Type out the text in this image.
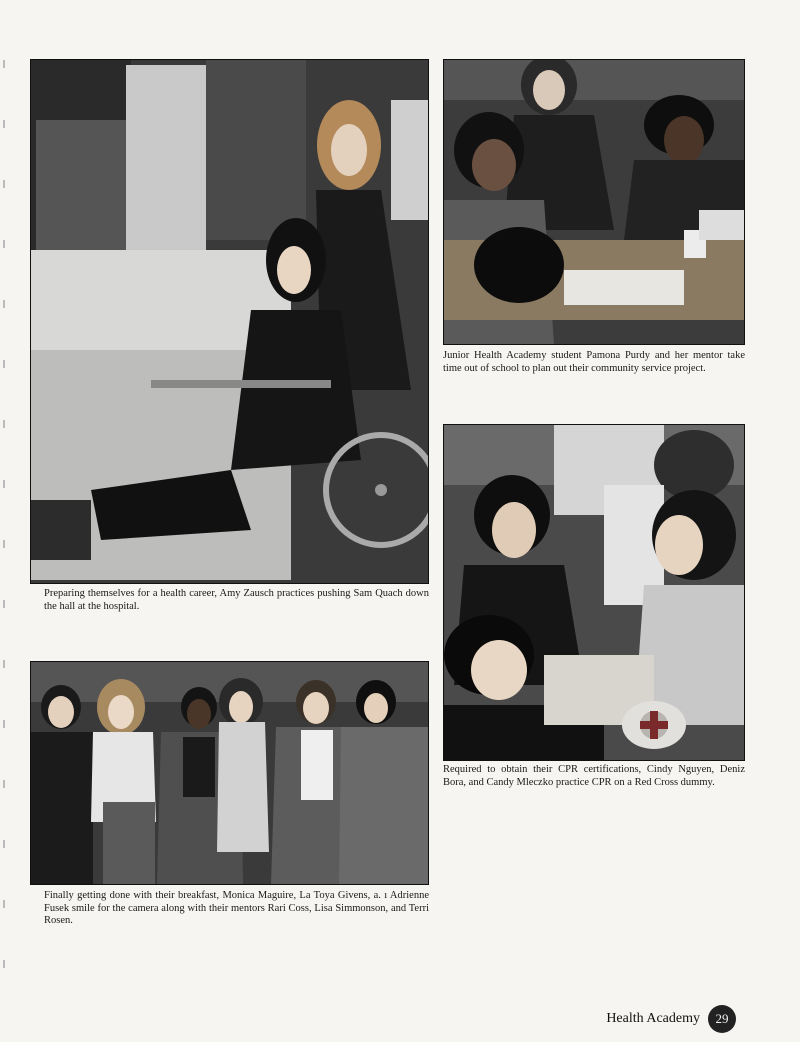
Preparing themselves for a health career, Amy Zausch practices pushing Sam Quach down the hall at the hospital.
Junior Health Academy student Pamona Purdy and her mentor take time out of school to plan out their community service project.
Required to obtain their CPR certifications, Cindy Nguyen, Deniz Bora, and Candy Mleczko practice CPR on a Red Cross dummy.
Finally getting done with their breakfast, Monica Maguire, La Toya Givens, a. ı Adrienne Fusek smile for the camera along with their mentors Rari Coss, Lisa Simmonson, and Terri Rosen.
Health Academy	29
